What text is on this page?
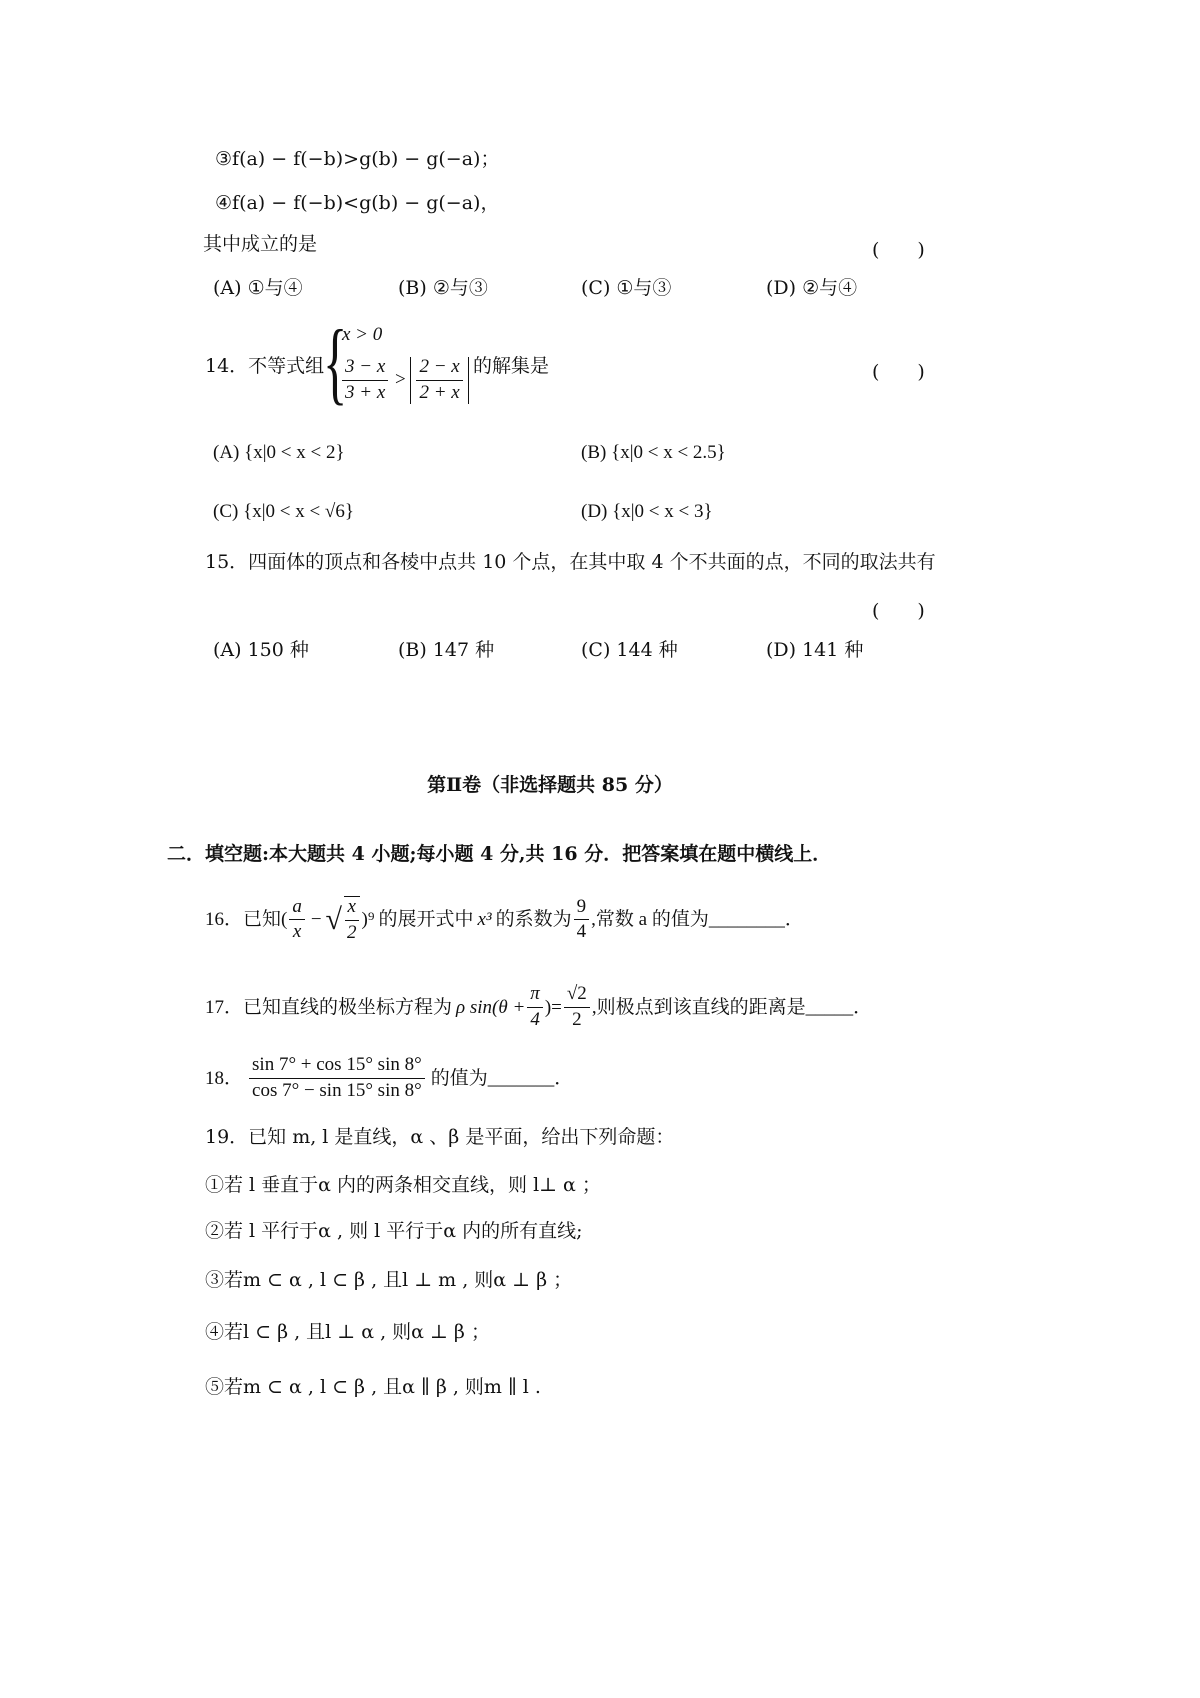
③f(a) − f(−b)>g(b) − g(−a)；
④f(a) − f(−b)<g(b) − g(−a)，
其中成立的是	(　　)
(A) ①与④	(B) ②与③	(C) ①与③	(D) ②与④
14．不等式组
{
x > 0
$\frac{3 - x}{3 + x} > \frac{2 - x}{2 + x}$ 的解集是	(　　)
(A) {x|0 < x < 2}	(B) {x|0 < x < 2.5}
(C) {x|0 < x < √6}	(D) {x|0 < x < 3}
15．四面体的顶点和各棱中点共 10 个点，在其中取 4 个不共面的点，不同的取法共有
(　　)
(A) 150 种	(B) 147 种	(C) 144 种	(D) 141 种
第Ⅱ卷（非选择题共 85 分）
二．填空题:本大题共 4 小题;每小题 4 分,共 16 分．把答案填在题中横线上．
16．已知( $\frac{a}{x}$ − √ $\frac{x}{2} )^9$ 的展开式中 x³ 的系数为 $\frac{9}{4}$ ,常数 a 的值为________．
17．已知直线的极坐标方程为 ρ $\sin(\theta + \frac{\pi}{4}$ )= $\frac{√2}{2}$ ,则极点到该直线的距离是_____．
18． $\frac{\sin 7^\circ + \cos 15^\circ \sin 8^\circ}{\cos 7^\circ - \sin 15^\circ \sin 8^\circ}$ 的值为_______．
19．已知 m, l 是直线，α 、β 是平面，给出下列命题：
①若 l 垂直于α 内的两条相交直线，则 l⊥ α ；
②若 l 平行于α , 则 l 平行于α 内的所有直线;
③若m ⊂ α , l ⊂ β , 且l ⊥ m , 则α ⊥ β ；
④若l ⊂ β , 且l ⊥ α , 则α ⊥ β ；
⑤若m ⊂ α , l ⊂ β , 且α ∥ β , 则m ∥ l .
